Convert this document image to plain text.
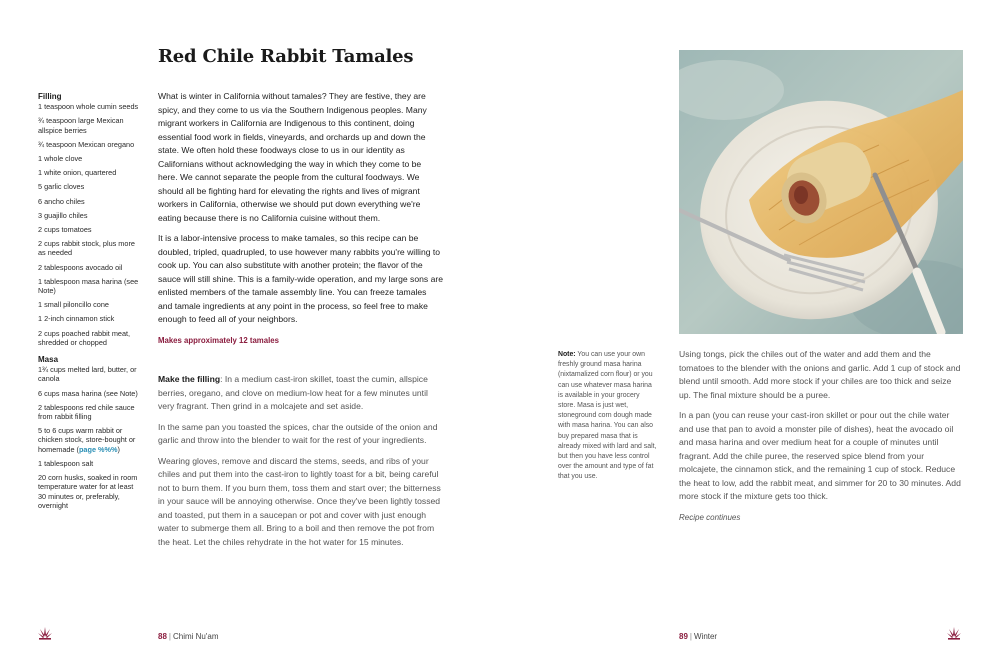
Filling
1 teaspoon whole cumin seeds
¾ teaspoon large Mexican allspice berries
¾ teaspoon Mexican oregano
1 whole clove
1 white onion, quartered
5 garlic cloves
6 ancho chiles
3 guajillo chiles
2 cups tomatoes
2 cups rabbit stock, plus more as needed
2 tablespoons avocado oil
1 tablespoon masa harina (see Note)
1 small piloncillo cone
1 2-inch cinnamon stick
2 cups poached rabbit meat, shredded or chopped
Masa
1¾ cups melted lard, butter, or canola
6 cups masa harina (see Note)
2 tablespoons red chile sauce from rabbit filling
5 to 6 cups warm rabbit or chicken stock, store-bought or homemade (page %%%)
1 tablespoon salt
20 corn husks, soaked in room temperature water for at least 30 minutes or, preferably, overnight
Red Chile Rabbit Tamales

What is winter in California without tamales? They are festive, they are spicy, and they come to us via the Southern Indigenous peoples. Many migrant workers in California are Indigenous to this continent, doing essential food work in fields, vineyards, and orchards up and down the state. We often hold these foodways close to us in our identity as Californians without acknowledging the way in which they come to be here. We cannot separate the people from the cultural foodways. We should all be fighting hard for elevating the rights and lives of migrant workers in California, otherwise we should put down everything we're eating because there is no California cuisine without them.

It is a labor-intensive process to make tamales, so this recipe can be doubled, tripled, quadrupled, to use however many rabbits you're willing to cook up. You can also substitute with another protein; the flavor of the sauce will still shine. This is a family-wide operation, and my large sons are enlisted members of the tamale assembly line. You can freeze tamales and tamale ingredients at any point in the process, so feel free to make enough to feed all of your neighbors.

Makes approximately 12 tamales

Make the filling: In a medium cast-iron skillet, toast the cumin, allspice berries, oregano, and clove on medium-low heat for a few minutes until very fragrant. Then grind in a molcajete and set aside.

In the same pan you toasted the spices, char the outside of the onion and garlic and throw into the blender to wait for the rest of your ingredients.

Wearing gloves, remove and discard the stems, seeds, and ribs of your chiles and put them into the cast-iron to lightly toast for a bit, being careful not to burn them. If you burn them, toss them and start over; the bitterness in your sauce will be annoying otherwise. Once they've been lightly tossed and toasted, put them in a saucepan or pot and cover with just enough water to submerge them all. Bring to a boil and then remove the pot from the heat. Let the chiles rehydrate in the hot water for 15 minutes.

88 | Chimi Nu'am
Note: You can use your own freshly ground masa harina (nixtamalized corn flour) or you can use whatever masa harina is available in your grocery store. Masa is just wet, stoneground corn dough made with masa harina. You can also buy prepared masa that is already mixed with lard and salt, but then you have less control over the amount and type of fat that you use.

Using tongs, pick the chiles out of the water and add them and the tomatoes to the blender with the onions and garlic. Add 1 cup of stock and blend until smooth. Add more stock if your chiles are too thick and seize up. The final mixture should be a puree.

In a pan (you can reuse your cast-iron skillet or pour out the chile water and use that pan to avoid a monster pile of dishes), heat the avocado oil and masa harina and over medium heat for a couple of minutes until fragrant. Add the chile puree, the reserved spice blend from your molcajete, the cinnamon stick, and the remaining 1 cup of stock. Reduce the heat to low, add the rabbit meat, and simmer for 20 to 30 minutes. Add more stock if the mixture gets too thick.

Recipe continues
89 | Winter
